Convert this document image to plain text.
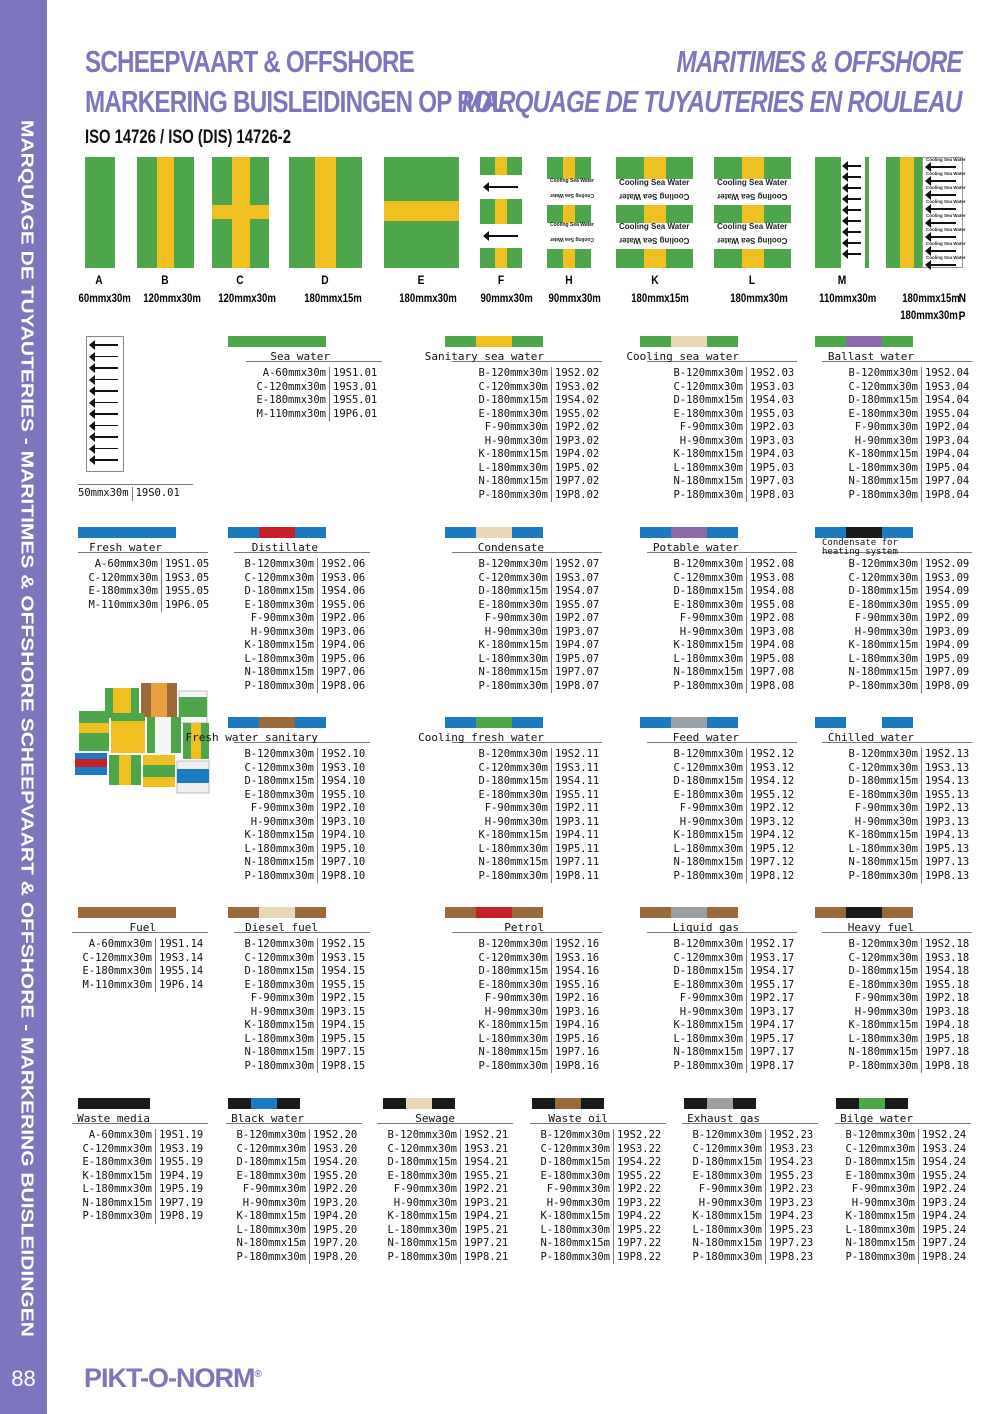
MARQUAGE DE TUYAUTERIES - MARITIMES & OFFSHORE SCHEEPVAART & OFFSHORE - MARKERING BUISLEIDINGEN
88
SCHEEPVAART & OFFSHORE
MARKERING BUISLEIDINGEN OP ROL
MARITIMES & OFFSHORE
MARQUAGE DE TUYAUTERIES EN ROULEAU
ISO 14726 / ISO (DIS) 14726-2
A
60mmx30m
B
120mmx30m
C
120mmx30m
D
180mmx15m
E
180mmx30m
F
90mmx30m
Cooling Sea Water
Cooling Sea Water
Cooling Sea Water
Cooling Sea Water
H
90mmx30m
Cooling Sea Water
Cooling Sea Water
Cooling Sea Water
Cooling Sea Water
K
180mmx15m
Cooling Sea Water
Cooling Sea Water
Cooling Sea Water
Cooling Sea Water
L
180mmx30m
M
110mmx30m
Cooling Sea Water
Cooling Sea Water
Cooling Sea Water
Cooling Sea Water
Cooling Sea Water
Cooling Sea Water
Cooling Sea Water
Cooling Sea Water
180mmx15m
N
180mmx30m P
50mmx30m 19S0.01
Sea water
A-60mmx30m 19S1.01
C-120mmx30m 19S3.01
E-180mmx30m 19S5.01
M-110mmx30m 19P6.01
Sanitary sea water
B-120mmx30m 19S2.02
C-120mmx30m 19S3.02
D-180mmx15m 19S4.02
E-180mmx30m 19S5.02
F-90mmx30m 19P2.02
H-90mmx30m 19P3.02
K-180mmx15m 19P4.02
L-180mmx30m 19P5.02
N-180mmx15m 19P7.02
P-180mmx30m 19P8.02
Cooling sea water
B-120mmx30m 19S2.03
C-120mmx30m 19S3.03
D-180mmx15m 19S4.03
E-180mmx30m 19S5.03
F-90mmx30m 19P2.03
H-90mmx30m 19P3.03
K-180mmx15m 19P4.03
L-180mmx30m 19P5.03
N-180mmx15m 19P7.03
P-180mmx30m 19P8.03
Ballast water
B-120mmx30m 19S2.04
C-120mmx30m 19S3.04
D-180mmx15m 19S4.04
E-180mmx30m 19S5.04
F-90mmx30m 19P2.04
H-90mmx30m 19P3.04
K-180mmx15m 19P4.04
L-180mmx30m 19P5.04
N-180mmx15m 19P7.04
P-180mmx30m 19P8.04
Fresh water
A-60mmx30m 19S1.05
C-120mmx30m 19S3.05
E-180mmx30m 19S5.05
M-110mmx30m 19P6.05
Distillate
B-120mmx30m 19S2.06
C-120mmx30m 19S3.06
D-180mmx15m 19S4.06
E-180mmx30m 19S5.06
F-90mmx30m 19P2.06
H-90mmx30m 19P3.06
K-180mmx15m 19P4.06
L-180mmx30m 19P5.06
N-180mmx15m 19P7.06
P-180mmx30m 19P8.06
Condensate
B-120mmx30m 19S2.07
C-120mmx30m 19S3.07
D-180mmx15m 19S4.07
E-180mmx30m 19S5.07
F-90mmx30m 19P2.07
H-90mmx30m 19P3.07
K-180mmx15m 19P4.07
L-180mmx30m 19P5.07
N-180mmx15m 19P7.07
P-180mmx30m 19P8.07
Potable water
B-120mmx30m 19S2.08
C-120mmx30m 19S3.08
D-180mmx15m 19S4.08
E-180mmx30m 19S5.08
F-90mmx30m 19P2.08
H-90mmx30m 19P3.08
K-180mmx15m 19P4.08
L-180mmx30m 19P5.08
N-180mmx15m 19P7.08
P-180mmx30m 19P8.08
Condensate for heating system
B-120mmx30m 19S2.09
C-120mmx30m 19S3.09
D-180mmx15m 19S4.09
E-180mmx30m 19S5.09
F-90mmx30m 19P2.09
H-90mmx30m 19P3.09
K-180mmx15m 19P4.09
L-180mmx30m 19P5.09
N-180mmx15m 19P7.09
P-180mmx30m 19P8.09
Fresh water sanitary
B-120mmx30m 19S2.10
C-120mmx30m 19S3.10
D-180mmx15m 19S4.10
E-180mmx30m 19S5.10
F-90mmx30m 19P2.10
H-90mmx30m 19P3.10
K-180mmx15m 19P4.10
L-180mmx30m 19P5.10
N-180mmx15m 19P7.10
P-180mmx30m 19P8.10
Cooling fresh water
B-120mmx30m 19S2.11
C-120mmx30m 19S3.11
D-180mmx15m 19S4.11
E-180mmx30m 19S5.11
F-90mmx30m 19P2.11
H-90mmx30m 19P3.11
K-180mmx15m 19P4.11
L-180mmx30m 19P5.11
N-180mmx15m 19P7.11
P-180mmx30m 19P8.11
Feed water
B-120mmx30m 19S2.12
C-120mmx30m 19S3.12
D-180mmx15m 19S4.12
E-180mmx30m 19S5.12
F-90mmx30m 19P2.12
H-90mmx30m 19P3.12
K-180mmx15m 19P4.12
L-180mmx30m 19P5.12
N-180mmx15m 19P7.12
P-180mmx30m 19P8.12
Chilled water
B-120mmx30m 19S2.13
C-120mmx30m 19S3.13
D-180mmx15m 19S4.13
E-180mmx30m 19S5.13
F-90mmx30m 19P2.13
H-90mmx30m 19P3.13
K-180mmx15m 19P4.13
L-180mmx30m 19P5.13
N-180mmx15m 19P7.13
P-180mmx30m 19P8.13
Fuel
A-60mmx30m 19S1.14
C-120mmx30m 19S3.14
E-180mmx30m 19S5.14
M-110mmx30m 19P6.14
Diesel fuel
B-120mmx30m 19S2.15
C-120mmx30m 19S3.15
D-180mmx15m 19S4.15
E-180mmx30m 19S5.15
F-90mmx30m 19P2.15
H-90mmx30m 19P3.15
K-180mmx15m 19P4.15
L-180mmx30m 19P5.15
N-180mmx15m 19P7.15
P-180mmx30m 19P8.15
Petrol
B-120mmx30m 19S2.16
C-120mmx30m 19S3.16
D-180mmx15m 19S4.16
E-180mmx30m 19S5.16
F-90mmx30m 19P2.16
H-90mmx30m 19P3.16
K-180mmx15m 19P4.16
L-180mmx30m 19P5.16
N-180mmx15m 19P7.16
P-180mmx30m 19P8.16
Liquid gas
B-120mmx30m 19S2.17
C-120mmx30m 19S3.17
D-180mmx15m 19S4.17
E-180mmx30m 19S5.17
F-90mmx30m 19P2.17
H-90mmx30m 19P3.17
K-180mmx15m 19P4.17
L-180mmx30m 19P5.17
N-180mmx15m 19P7.17
P-180mmx30m 19P8.17
Heavy fuel
B-120mmx30m 19S2.18
C-120mmx30m 19S3.18
D-180mmx15m 19S4.18
E-180mmx30m 19S5.18
F-90mmx30m 19P2.18
H-90mmx30m 19P3.18
K-180mmx15m 19P4.18
L-180mmx30m 19P5.18
N-180mmx15m 19P7.18
P-180mmx30m 19P8.18
Waste media
A-60mmx30m 19S1.19
C-120mmx30m 19S3.19
E-180mmx30m 19S5.19
K-180mmx15m 19P4.19
L-180mmx30m 19P5.19
N-180mmx15m 19P7.19
P-180mmx30m 19P8.19
Black water
B-120mmx30m 19S2.20
C-120mmx30m 19S3.20
D-180mmx15m 19S4.20
E-180mmx30m 19S5.20
F-90mmx30m 19P2.20
H-90mmx30m 19P3.20
K-180mmx15m 19P4.20
L-180mmx30m 19P5.20
N-180mmx15m 19P7.20
P-180mmx30m 19P8.20
Sewage
B-120mmx30m 19S2.21
C-120mmx30m 19S3.21
D-180mmx15m 19S4.21
E-180mmx30m 19S5.21
F-90mmx30m 19P2.21
H-90mmx30m 19P3.21
K-180mmx15m 19P4.21
L-180mmx30m 19P5.21
N-180mmx15m 19P7.21
P-180mmx30m 19P8.21
Waste oil
B-120mmx30m 19S2.22
C-120mmx30m 19S3.22
D-180mmx15m 19S4.22
E-180mmx30m 19S5.22
F-90mmx30m 19P2.22
H-90mmx30m 19P3.22
K-180mmx15m 19P4.22
L-180mmx30m 19P5.22
N-180mmx15m 19P7.22
P-180mmx30m 19P8.22
Exhaust gas
B-120mmx30m 19S2.23
C-120mmx30m 19S3.23
D-180mmx15m 19S4.23
E-180mmx30m 19S5.23
F-90mmx30m 19P2.23
H-90mmx30m 19P3.23
K-180mmx15m 19P4.23
L-180mmx30m 19P5.23
N-180mmx15m 19P7.23
P-180mmx30m 19P8.23
Bilge water
B-120mmx30m 19S2.24
C-120mmx30m 19S3.24
D-180mmx15m 19S4.24
E-180mmx30m 19S5.24
F-90mmx30m 19P2.24
H-90mmx30m 19P3.24
K-180mmx15m 19P4.24
L-180mmx30m 19P5.24
N-180mmx15m 19P7.24
P-180mmx30m 19P8.24
PIKT-O-NORM®
